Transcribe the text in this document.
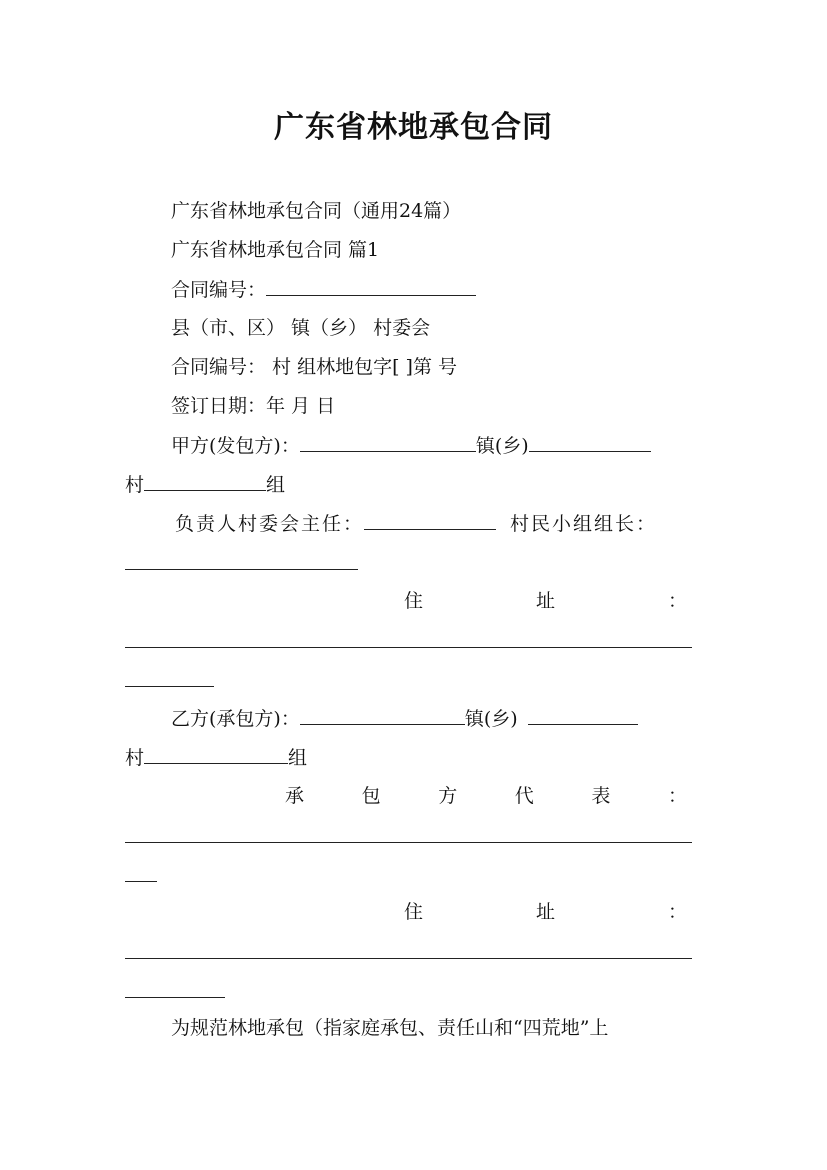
广东省林地承包合同
广东省林地承包合同（通用24篇）
广东省林地承包合同 篇1
合同编号：
县（市、区） 镇（乡） 村委会
合同编号： 村 组林地包字[ ]第 号
签订日期：年 月 日
甲方(发包方)：	镇(乡)
村	组
负责人村委会主任：	村民小组组长：
住	址	：
乙方(承包方)：	镇(乡)
村	组
承	包	方	代	表	：
住	址	：
为规范林地承包（指家庭承包、责任山和“四荒地”上
